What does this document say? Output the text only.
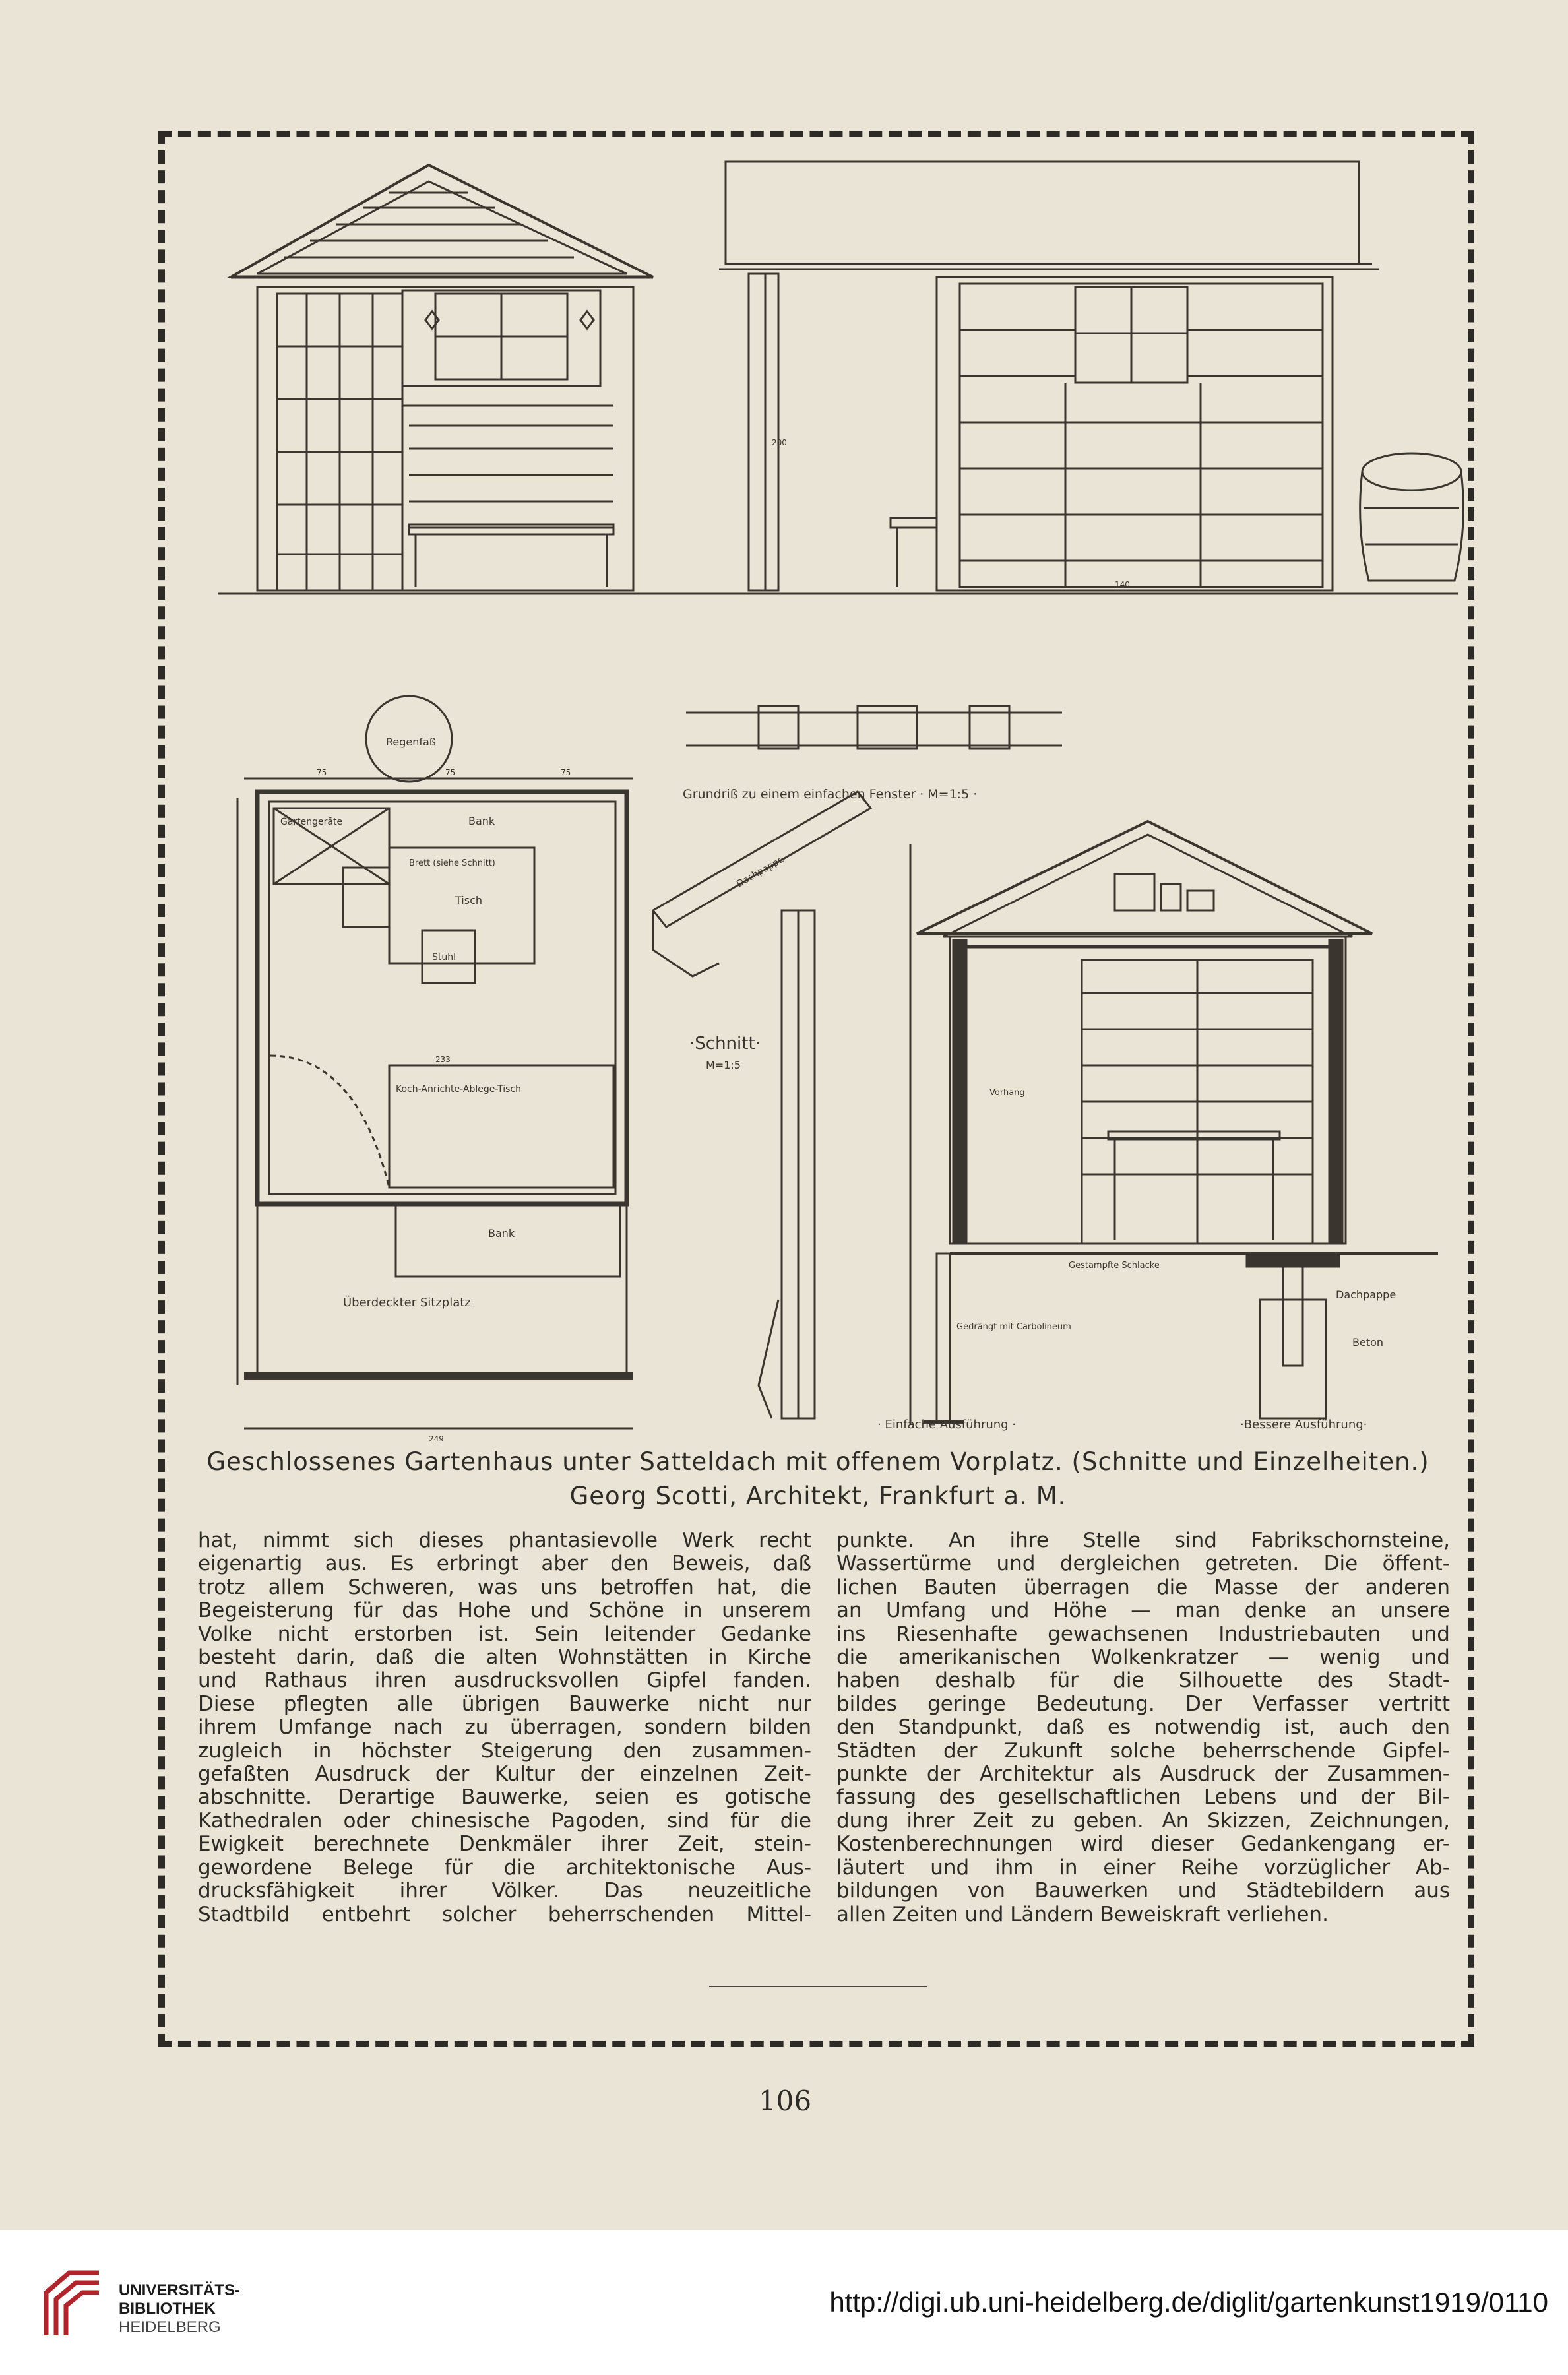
Regenfaß
Gartengeräte	Bank
Brett (siehe Schnitt)
Tisch
Stuhl
Koch-Anrichte-Ablege-Tisch
Bank
Überdeckter Sitzplatz
Grundriß zu einem einfachen Fenster · M=1:5 ·
Dachpappe
·Schnitt·
M=1:5
Vorhang
Gestampfte Schlacke
Dachpappe
Gedrängt mit Carbolineum
Beton
· Einfache Ausführung ·	·Bessere Ausführung·
75	75	75
249
233
200
140
Geschlossenes Gartenhaus unter Satteldach mit offenem Vorplatz. (Schnitte und Einzelheiten.)
Georg Scotti, Architekt, Frankfurt a. M.
hat, nimmt sich dieses phantasievolle Werk recht
eigenartig aus. Es erbringt aber den Beweis, daß
trotz allem Schweren, was uns betroffen hat, die
Begeisterung für das Hohe und Schöne in unserem
Volke nicht erstorben ist. Sein leitender Gedanke
besteht darin, daß die alten Wohnstätten in Kirche
und Rathaus ihren ausdrucksvollen Gipfel fanden.
Diese pflegten alle übrigen Bauwerke nicht nur
ihrem Umfange nach zu überragen, sondern bilden
zugleich in höchster Steigerung den zusammen-
gefaßten Ausdruck der Kultur der einzelnen Zeit-
abschnitte. Derartige Bauwerke, seien es gotische
Kathedralen oder chinesische Pagoden, sind für die
Ewigkeit berechnete Denkmäler ihrer Zeit, stein-
gewordene Belege für die architektonische Aus-
drucksfähigkeit ihrer Völker. Das neuzeitliche
Stadtbild entbehrt solcher beherrschenden Mittel-
punkte. An ihre Stelle sind Fabrikschornsteine,
Wassertürme und dergleichen getreten. Die öffent-
lichen Bauten überragen die Masse der anderen
an Umfang und Höhe — man denke an unsere
ins Riesenhafte gewachsenen Industriebauten und
die amerikanischen Wolkenkratzer — wenig und
haben deshalb für die Silhouette des Stadt-
bildes geringe Bedeutung. Der Verfasser vertritt
den Standpunkt, daß es notwendig ist, auch den
Städten der Zukunft solche beherrschende Gipfel-
punkte der Architektur als Ausdruck der Zusammen-
fassung des gesellschaftlichen Lebens und der Bil-
dung ihrer Zeit zu geben. An Skizzen, Zeichnungen,
Kostenberechnungen wird dieser Gedankengang er-
läutert und ihm in einer Reihe vorzüglicher Ab-
bildungen von Bauwerken und Städtebildern aus
allen Zeiten und Ländern Beweiskraft verliehen.
106
UNIVERSITÄTS-
BIBLIOTHEK
HEIDELBERG
http://digi.ub.uni-heidelberg.de/diglit/gartenkunst1919/0110
